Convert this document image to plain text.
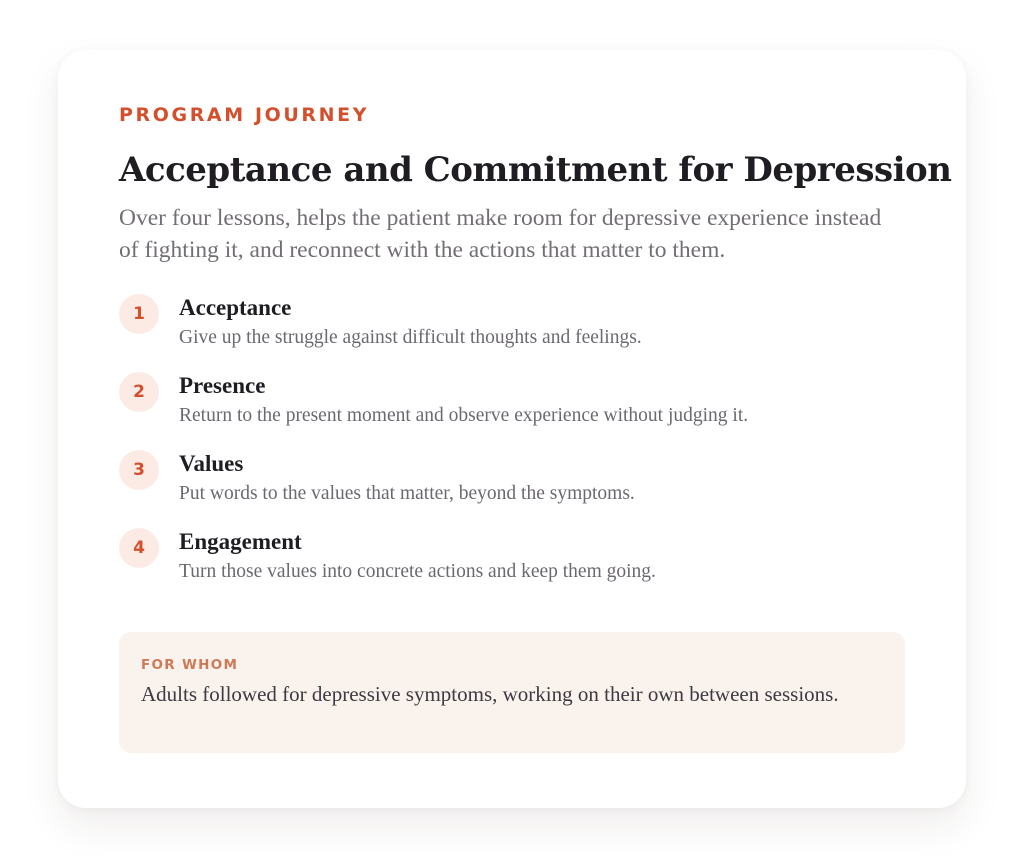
PROGRAM JOURNEY

Acceptance and Commitment for Depression

Over four lessons, helps the patient make room for depressive experience instead of fighting it, and reconnect with the actions that matter to them.

1	Acceptance

Give up the struggle against difficult thoughts and feelings.

2	Presence

Return to the present moment and observe experience without judging it.

3	Values

Put words to the values that matter, beyond the symptoms.

4	Engagement

Turn those values into concrete actions and keep them going.

FOR WHOM

Adults followed for depressive symptoms, working on their own between sessions.
